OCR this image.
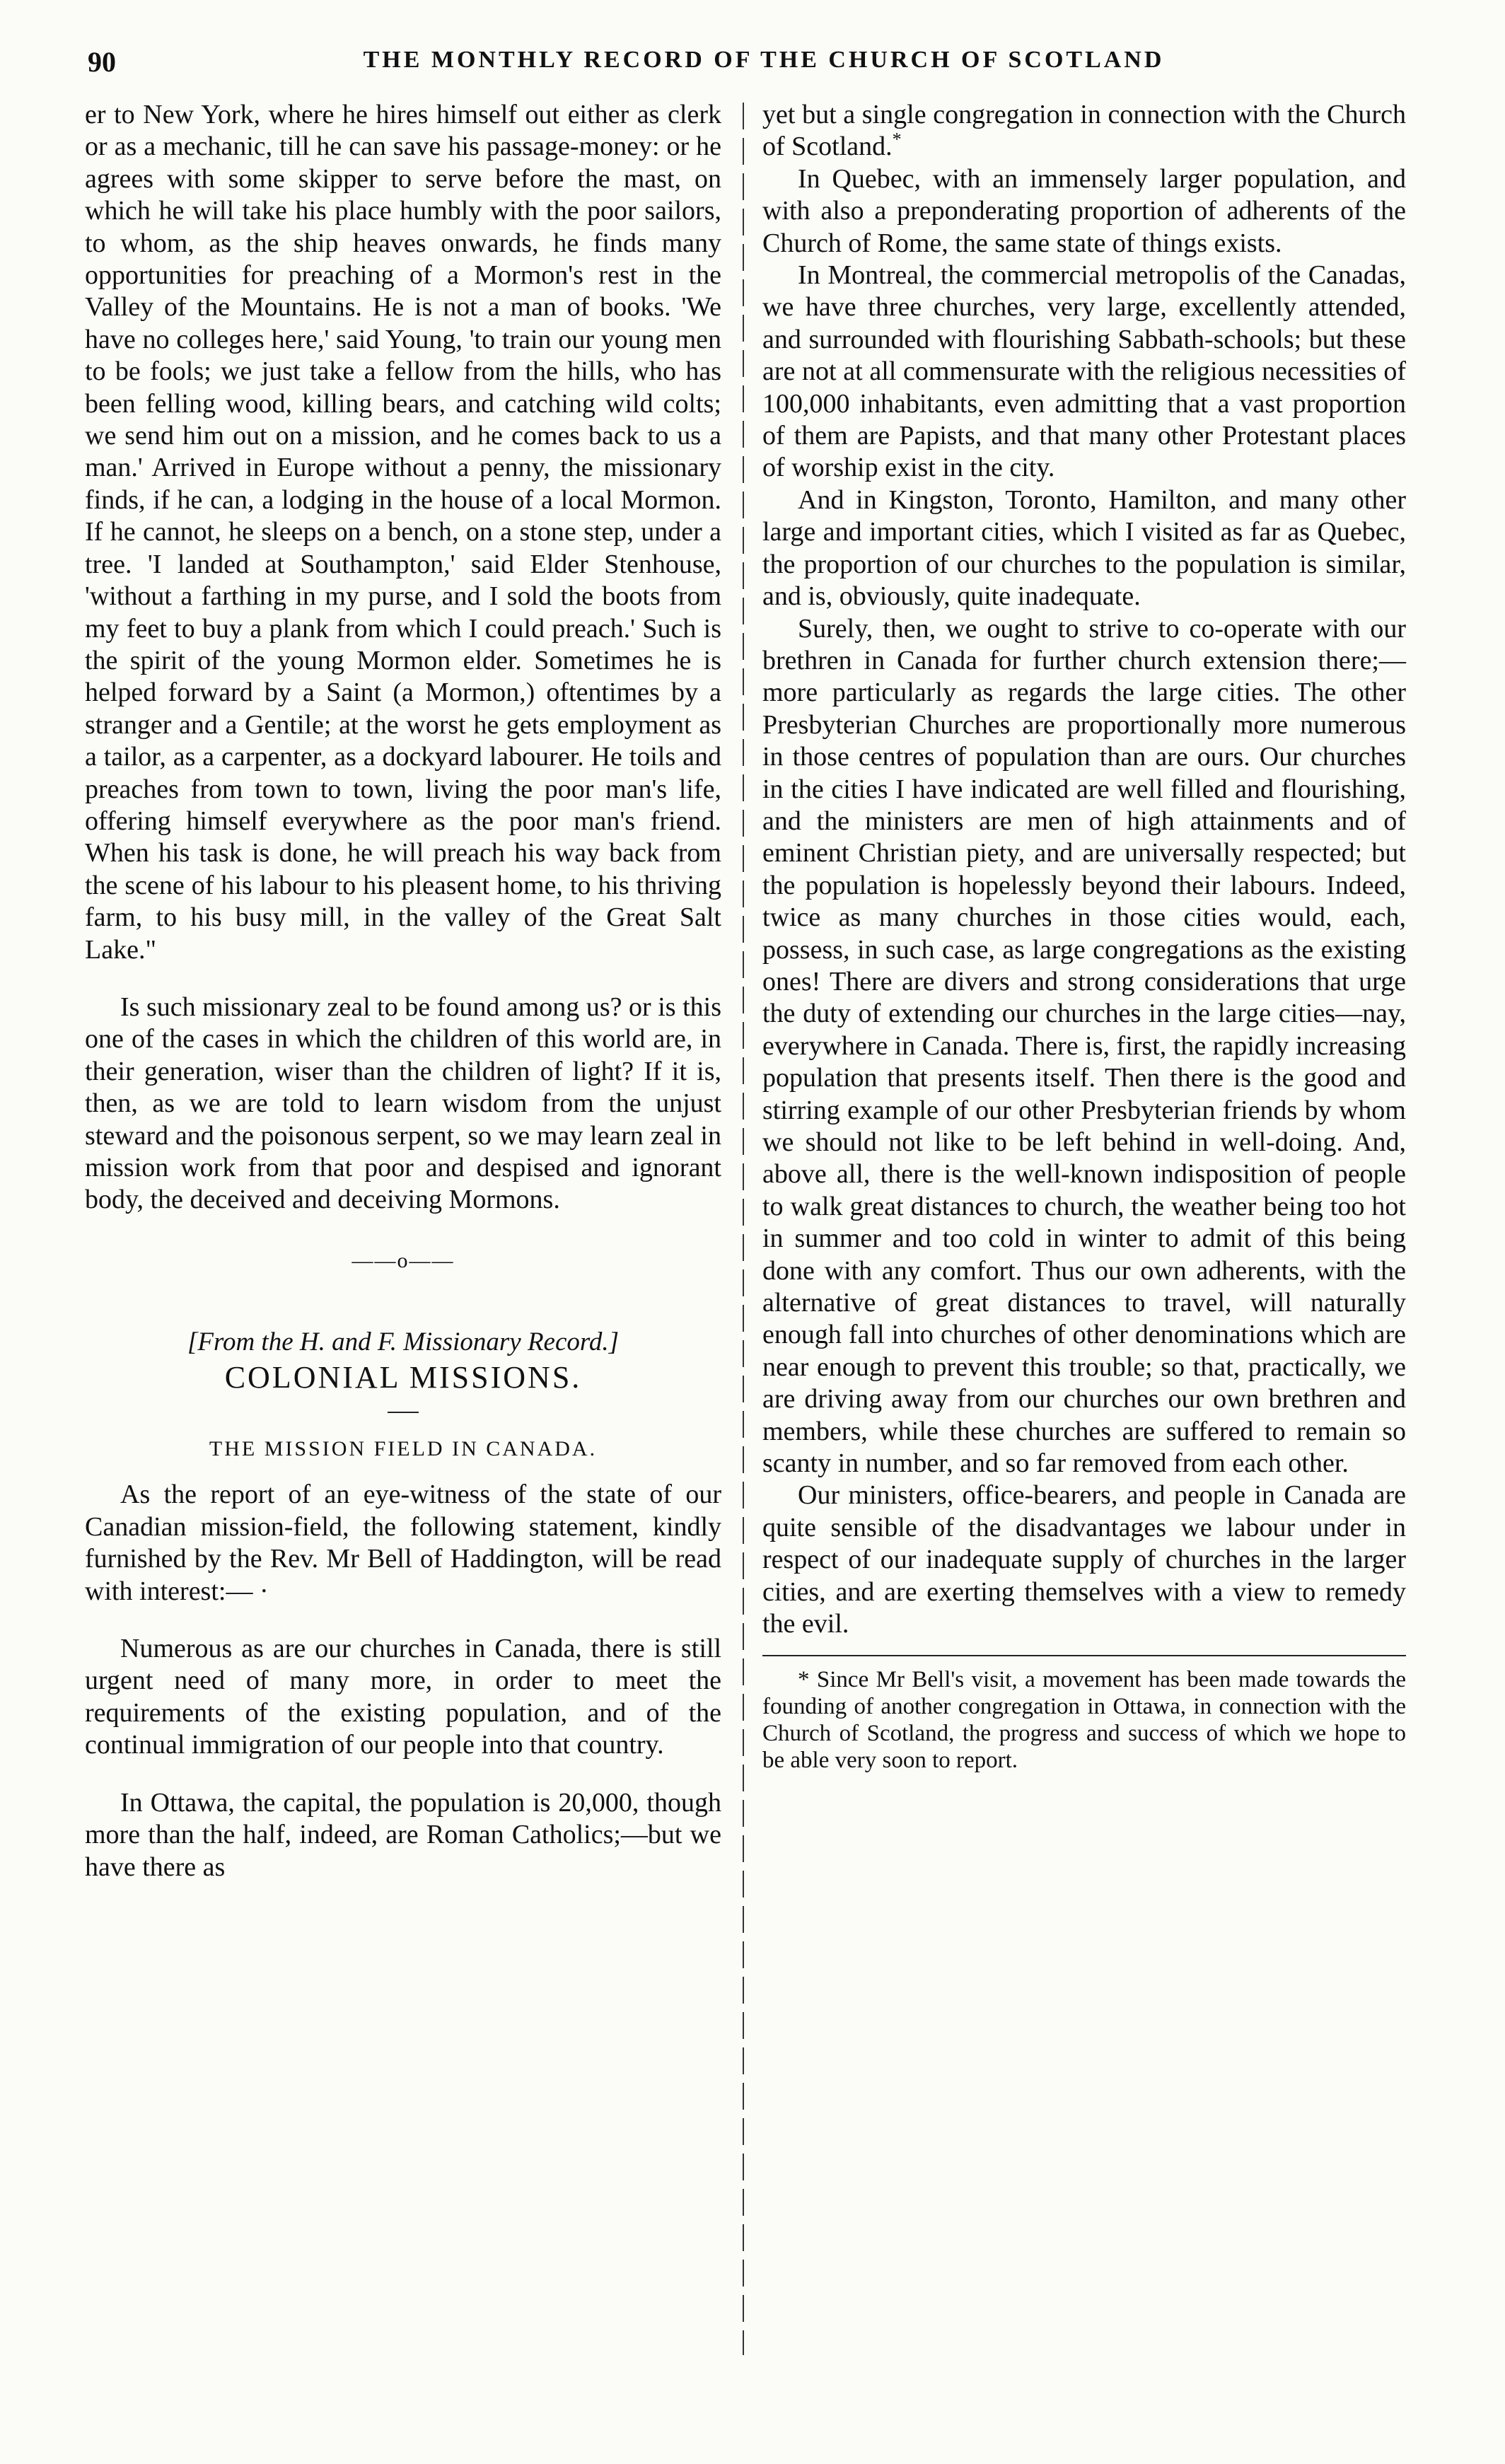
90	THE MONTHLY RECORD OF THE CHURCH OF SCOTLAND

er to New York, where he hires himself out either as clerk or as a mechanic, till he can save his passage-money: or he agrees with some skipper to serve before the mast, on which he will take his place humbly with the poor sailors, to whom, as the ship heaves onwards, he finds many opportunities for preaching of a Mormon's rest in the Valley of the Mountains. He is not a man of books. 'We have no colleges here,' said Young, 'to train our young men to be fools; we just take a fellow from the hills, who has been felling wood, killing bears, and catching wild colts; we send him out on a mission, and he comes back to us a man.' Arrived in Europe without a penny, the missionary finds, if he can, a lodging in the house of a local Mormon. If he cannot, he sleeps on a bench, on a stone step, under a tree. 'I landed at Southampton,' said Elder Stenhouse, 'without a farthing in my purse, and I sold the boots from my feet to buy a plank from which I could preach.' Such is the spirit of the young Mormon elder. Sometimes he is helped forward by a Saint (a Mormon,) oftentimes by a stranger and a Gentile; at the worst he gets employment as a tailor, as a carpenter, as a dockyard labourer. He toils and preaches from town to town, living the poor man's life, offering himself everywhere as the poor man's friend. When his task is done, he will preach his way back from the scene of his labour to his pleasent home, to his thriving farm, to his busy mill, in the valley of the Great Salt Lake."

Is such missionary zeal to be found among us? or is this one of the cases in which the children of this world are, in their generation, wiser than the children of light? If it is, then, as we are told to learn wisdom from the unjust steward and the poisonous serpent, so we may learn zeal in mission work from that poor and despised and ignorant body, the deceived and deceiving Mormons.

——o——
[From the H. and F. Missionary Record.]
COLONIAL MISSIONS.
THE MISSION FIELD IN CANADA.

As the report of an eye-witness of the state of our Canadian mission-field, the following statement, kindly furnished by the Rev. Mr Bell of Haddington, will be read with interest:— ·

Numerous as are our churches in Canada, there is still urgent need of many more, in order to meet the requirements of the existing population, and of the continual immigration of our people into that country.

In Ottawa, the capital, the population is 20,000, though more than the half, indeed, are Roman Catholics;—but we have there as

yet but a single congregation in connection with the Church of Scotland.*

In Quebec, with an immensely larger population, and with also a preponderating proportion of adherents of the Church of Rome, the same state of things exists.

In Montreal, the commercial metropolis of the Canadas, we have three churches, very large, excellently attended, and surrounded with flourishing Sabbath-schools; but these are not at all commensurate with the religious necessities of 100,000 inhabitants, even admitting that a vast proportion of them are Papists, and that many other Protestant places of worship exist in the city.

And in Kingston, Toronto, Hamilton, and many other large and important cities, which I visited as far as Quebec, the proportion of our churches to the population is similar, and is, obviously, quite inadequate.

Surely, then, we ought to strive to co-operate with our brethren in Canada for further church extension there;—more particularly as regards the large cities. The other Presbyterian Churches are proportionally more numerous in those centres of population than are ours. Our churches in the cities I have indicated are well filled and flourishing, and the ministers are men of high attainments and of eminent Christian piety, and are universally respected; but the population is hopelessly beyond their labours. Indeed, twice as many churches in those cities would, each, possess, in such case, as large congregations as the existing ones! There are divers and strong considerations that urge the duty of extending our churches in the large cities—nay, everywhere in Canada. There is, first, the rapidly increasing population that presents itself. Then there is the good and stirring example of our other Presbyterian friends by whom we should not like to be left behind in well-doing. And, above all, there is the well-known indisposition of people to walk great distances to church, the weather being too hot in summer and too cold in winter to admit of this being done with any comfort. Thus our own adherents, with the alternative of great distances to travel, will naturally enough fall into churches of other denominations which are near enough to prevent this trouble; so that, practically, we are driving away from our churches our own brethren and members, while these churches are suffered to remain so scanty in number, and so far removed from each other.

Our ministers, office-bearers, and people in Canada are quite sensible of the disadvantages we labour under in respect of our inadequate supply of churches in the larger cities, and are exerting themselves with a view to remedy the evil.

* Since Mr Bell's visit, a movement has been made towards the founding of another congregation in Ottawa, in connection with the Church of Scotland, the progress and success of which we hope to be able very soon to report.
